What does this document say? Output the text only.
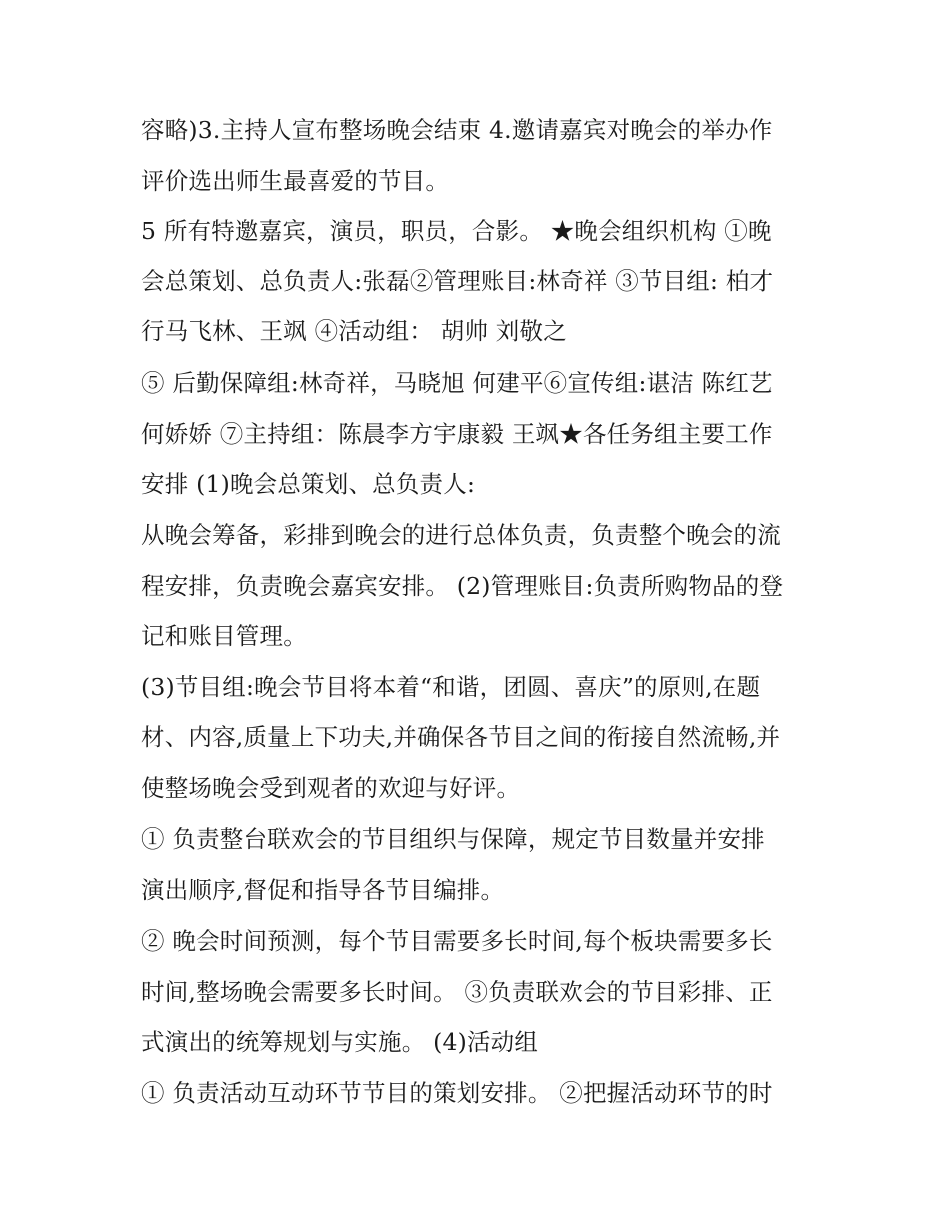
容略)3.主持人宣布整场晚会结束 4.邀请嘉宾对晚会的举办作
评价选出师生最喜爱的节目。
5 所有特邀嘉宾，演员，职员，合影。 ★晚会组织机构 ①晚
会总策划、总负责人:张磊②管理账目:林奇祥 ③节目组: 柏才
行马飞林、王飒 ④活动组： 胡帅 刘敬之
⑤ 后勤保障组:林奇祥，马晓旭 何建平⑥宣传组:谌洁 陈红艺
何娇娇 ⑦主持组：陈晨李方宇康毅 王飒★各任务组主要工作
安排 (1)晚会总策划、总负责人:
从晚会筹备，彩排到晚会的进行总体负责，负责整个晚会的流
程安排，负责晚会嘉宾安排。 (2)管理账目:负责所购物品的登
记和账目管理。
(3)节目组:晚会节目将本着“和谐，团圆、喜庆”的原则,在题
材、内容,质量上下功夫,并确保各节目之间的衔接自然流畅,并
使整场晚会受到观者的欢迎与好评。
① 负责整台联欢会的节目组织与保障，规定节目数量并安排
演出顺序,督促和指导各节目编排。
② 晚会时间预测，每个节目需要多长时间,每个板块需要多长
时间,整场晚会需要多长时间。 ③负责联欢会的节目彩排、正
式演出的统筹规划与实施。 (4)活动组
① 负责活动互动环节节目的策划安排。 ②把握活动环节的时
